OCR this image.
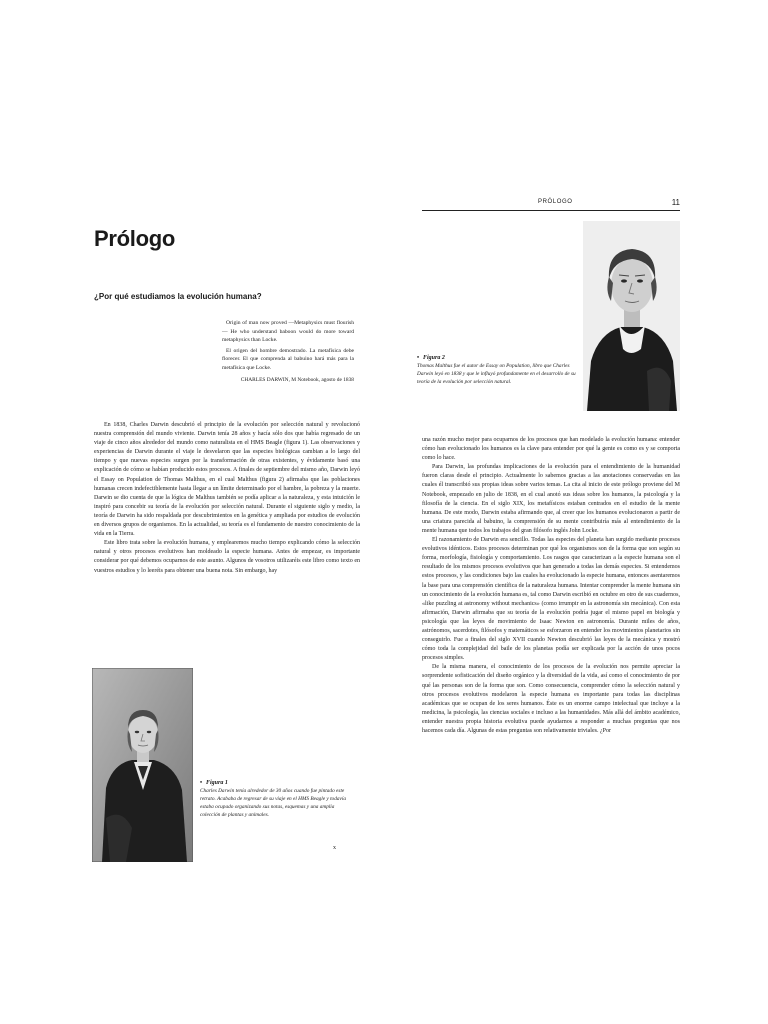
Prólogo
¿Por qué estudiamos la evolución humana?

Origin of man now proved —Metaphysics must flourish— He who understand baboon would do more toward metaphysics than Locke.

El origen del hombre demostrado. La metafísica debe florecer. El que comprenda al babuino hará más para la metafísica que Locke.

CHARLES DARWIN, M Notebook, agosto de 1838

En 1838, Charles Darwin descubrió el principio de la evolución por selección natural y revolucionó nuestra comprensión del mundo viviente. Darwin tenía 28 años y hacía sólo dos que había regresado de un viaje de cinco años alrededor del mundo como naturalista en el HMS Beagle (figura 1). Las observaciones y experiencias de Darwin durante el viaje le desvelaron que las especies biológicas cambian a lo largo del tiempo y que nuevas especies surgen por la transformación de otras existentes, y évidamente basó una explicación de cómo se habían producido estos procesos. A finales de septiembre del mismo año, Darwin leyó el Essay on Population de Thomas Malthus, en el cual Malthus (figura 2) afirmaba que las poblaciones humanas crecen indefectiblemente hasta llegar a un límite determinado por el hambre, la pobreza y la muerte. Darwin se dio cuenta de que la lógica de Malthus también se podía aplicar a la naturaleza, y esta intuición le inspiró para concebir su teoría de la evolución por selección natural. Durante el siguiente siglo y medio, la teoría de Darwin ha sido respaldada por descubrimientos en la genética y ampliada por estudios de evolución en diversos grupos de organismos. En la actualidad, su teoría es el fundamento de nuestro conocimiento de la vida en la Tierra.

Este libro trata sobre la evolución humana, y emplearemos mucho tiempo explicando cómo la selección natural y otros procesos evolutivos han moldeado la especie humana. Antes de empezar, es importante considerar por qué debemos ocuparnos de este asunto. Algunos de vosotros utilizaréis este libro como texto en vuestros estudios y lo leeréis para obtener una buena nota. Sin embargo, hay

• Figura 1
Charles Darwin tenía alrededor de 30 años cuando fue pintado este retrato. Acababa de regresar de su viaje en el HMS Beagle y todavía estaba ocupado organizando sus notas, esquemas y una amplia colección de plantas y animales.
x
PRÓLOGO	11
• Figura 2
Thomas Malthus fue el autor de Essay on Population, libro que Charles Darwin leyó en 1838 y que le influyó profundamente en el desarrollo de su teoría de la evolución por selección natural.

una razón mucho mejor para ocuparnos de los procesos que han modelado la evolución humana: entender cómo han evolucionado los humanos es la clave para entender por qué la gente es como es y se comporta como lo hace.

Para Darwin, las profundas implicaciones de la evolución para el entendimiento de la humanidad fueron claras desde el principio. Actualmente lo sabemos gracias a las anotaciones conservadas en las cuales él transcribió sus propias ideas sobre varios temas. La cita al inicio de este prólogo proviene del M Notebook, empezado en julio de 1838, en el cual anotó sus ideas sobre los humanos, la psicología y la filosofía de la ciencia. En el siglo XIX, los metafísicos estaban centrados en el estudio de la mente humana. De este modo, Darwin estaba afirmando que, al creer que los humanos evolucionaron a partir de una criatura parecida al babuino, la comprensión de su mente contribuiría más al entendimiento de la mente humana que todos los trabajos del gran filósofo inglés John Locke.

El razonamiento de Darwin era sencillo. Todas las especies del planeta han surgido mediante procesos evolutivos idénticos. Estos procesos determinan por qué los organismos son de la forma que son según su forma, morfología, fisiología y comportamiento. Los rasgos que caracterizan a la especie humana son el resultado de los mismos procesos evolutivos que han generado a todas las demás especies. Si entendemos estos procesos, y las condiciones bajo las cuales ha evolucionado la especie humana, entonces asentaremos la base para una comprensión científica de la naturaleza humana. Intentar comprender la mente humana sin un conocimiento de la evolución humana es, tal como Darwin escribió en octubre en otro de sus cuadernos, «like puzzling at astronomy without mechanics» (como irrumpir en la astronomía sin mecánica). Con esta afirmación, Darwin afirmaba que su teoría de la evolución podría jugar el mismo papel en biología y psicología que las leyes de movimiento de Isaac Newton en astronomía. Durante miles de años, astrónomos, sacerdotes, filósofos y matemáticos se esforzaron en entender los movimientos planetarios sin conseguirlo. Fue a finales del siglo XVII cuando Newton descubrió las leyes de la mecánica y mostró cómo toda la complejidad del baile de los planetas podía ser explicada por la acción de unos pocos procesos simples.

De la misma manera, el conocimiento de los procesos de la evolución nos permite apreciar la sorprendente sofisticación del diseño orgánico y la diversidad de la vida, así como el conocimiento de por qué las personas son de la forma que son. Como consecuencia, comprender cómo la selección natural y otros procesos evolutivos modelaron la especie humana es importante para todas las disciplinas académicas que se ocupan de los seres humanos. Éste es un enorme campo intelectual que incluye a la medicina, la psicología, las ciencias sociales e incluso a las humanidades. Más allá del ámbito académico, entender nuestra propia historia evolutiva puede ayudarnos a responder a muchas preguntas que nos hacemos cada día. Algunas de estas preguntas son relativamente triviales. ¿Por
